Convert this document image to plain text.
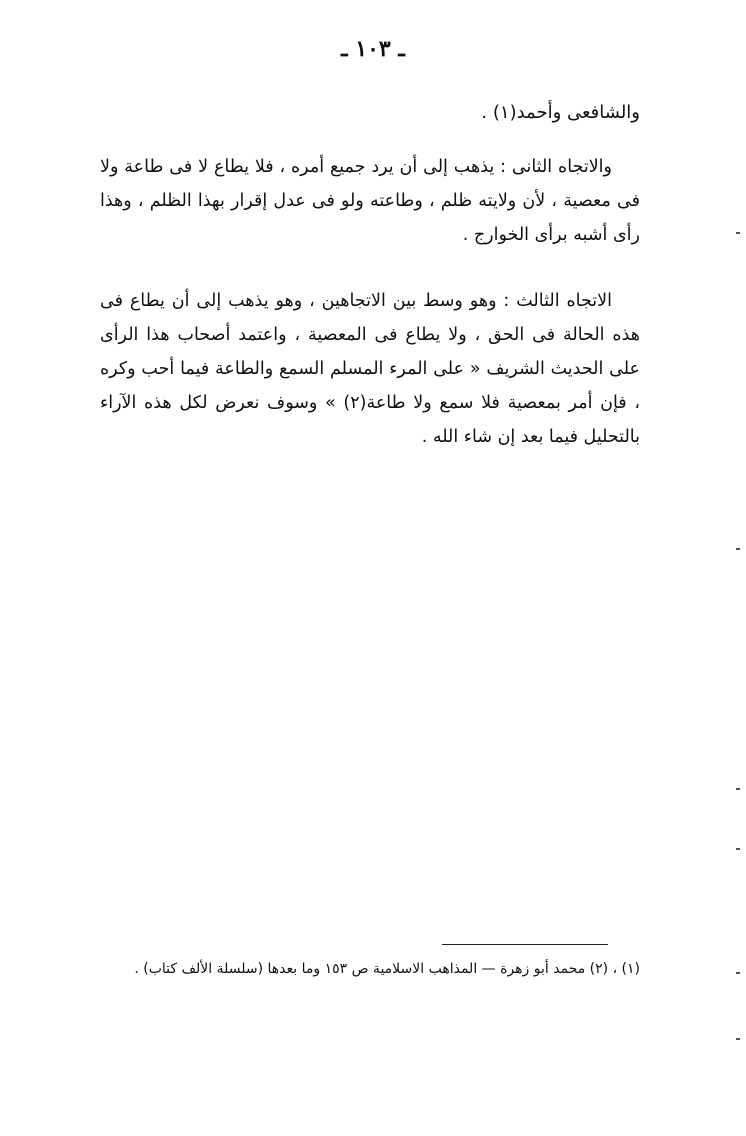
ـ ١٠٣ ـ

والشافعى وأحمد(١) .

والاتجاه الثانى : يذهب إلى أن يرد جميع أمره ، فلا يطاع لا فى طاعة ولا فى معصية ، لأن ولايته ظلم ، وطاعته ولو فى عدل إقرار بهذا الظلم ، وهذا رأى أشبه برأى الخوارج .

الاتجاه الثالث : وهو وسط بين الاتجاهين ، وهو يذهب إلى أن يطاع فى هذه الحالة فى الحق ، ولا يطاع فى المعصية ، واعتمد أصحاب هذا الرأى على الحديث الشريف « على المرء المسلم السمع والطاعة فيما أحب وكره ، فإن أمر بمعصية فلا سمع ولا طاعة(٢) » وسوف نعرض لكل هذه الآراء بالتحليل فيما بعد إن شاء الله .

(١) ، (٢) محمد أبو زهرة — المذاهب الاسلامية ص ١٥٣ وما بعدها (سلسلة الألف كتاب) .
